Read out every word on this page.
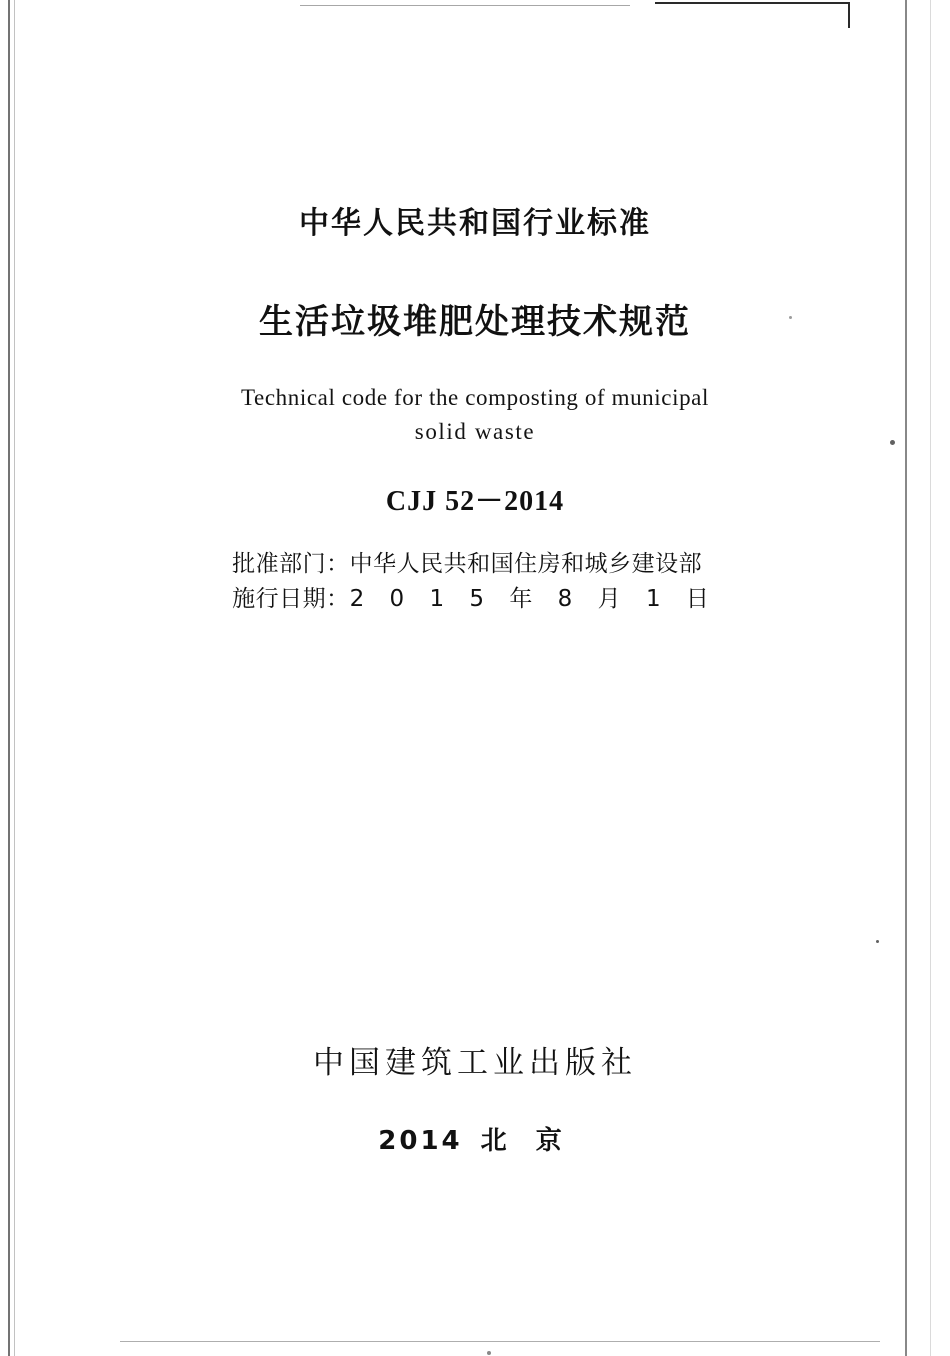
中华人民共和国行业标准
生活垃圾堆肥处理技术规范
Technical code for the composting of municipal
solid waste
CJJ 52－2014
批准部门：中华人民共和国住房和城乡建设部
施行日期：2 0 1 5 年 8 月 1 日
中国建筑工业出版社
2014 北 京
